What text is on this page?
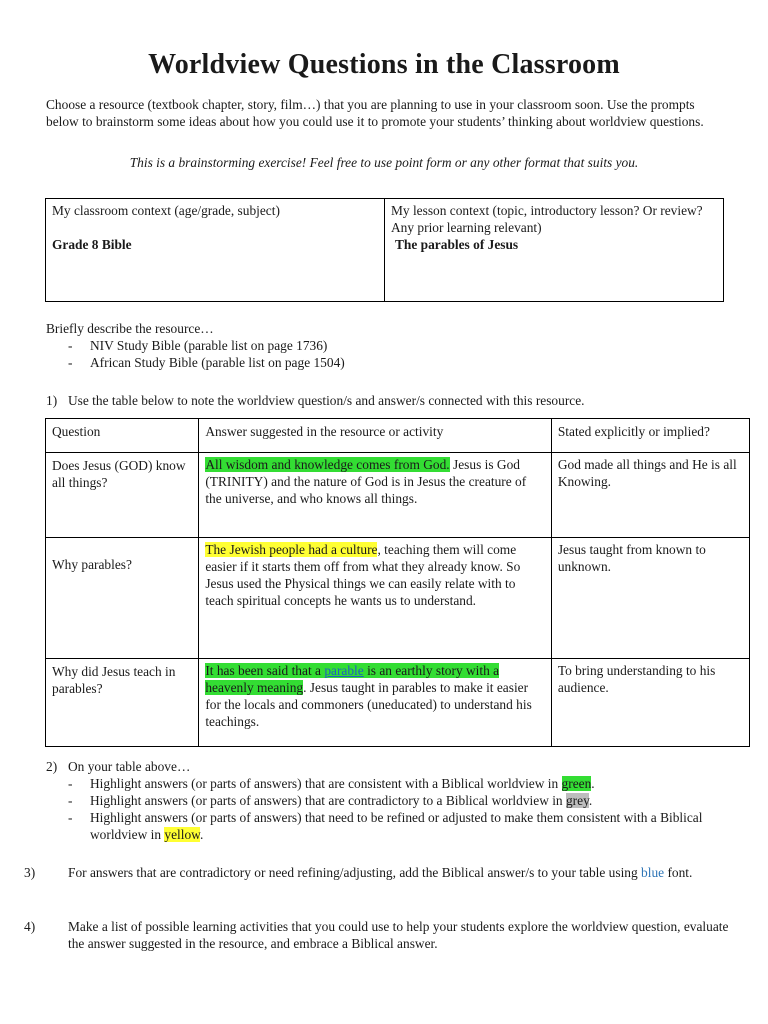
Worldview Questions in the Classroom

Choose a resource (textbook chapter, story, film…) that you are planning to use in your classroom soon. Use the prompts below to brainstorm some ideas about how you could use it to promote your students’ thinking about worldview questions.

This is a brainstorming exercise! Feel free to use point form or any other format that suits you.

My classroom context (age/grade, subject)

Grade 8 Bible
	My lesson context (topic, introductory lesson? Or review? Any prior learning relevant)
The parables of Jesus

Briefly describe the resource…

- NIV Study Bible (parable list on page 1736)
- African Study Bible (parable list on page 1504)

1) Use the table below to note the worldview question/s and answer/s connected with this resource.

Question	Answer suggested in the resource or activity	Stated explicitly or implied?
Does Jesus (GOD) know all things?	All wisdom and knowledge comes from God. Jesus is God (TRINITY) and the nature of God is in Jesus the creature of the universe, and who knows all things.	God made all things and He is all Knowing.
Why parables?	The Jewish people had a culture, teaching them will come easier if it starts them off from what they already know. So Jesus used the Physical things we can easily relate with to teach spiritual concepts he wants us to understand.	Jesus taught from known to unknown.
Why did Jesus teach in parables?	It has been said that a parable is an earthly story with a heavenly meaning. Jesus taught in parables to make it easier for the locals and commoners (uneducated) to understand his teachings.	To bring understanding to his audience.

2) On your table above…

- Highlight answers (or parts of answers) that are consistent with a Biblical worldview in green.
- Highlight answers (or parts of answers) that are contradictory to a Biblical worldview in grey.
- Highlight answers (or parts of answers) that need to be refined or adjusted to make them consistent with a Biblical worldview in yellow.

3) For answers that are contradictory or need refining/adjusting, add the Biblical answer/s to your table using blue font.

4) Make a list of possible learning activities that you could use to help your students explore the worldview question, evaluate the answer suggested in the resource, and embrace a Biblical answer.
